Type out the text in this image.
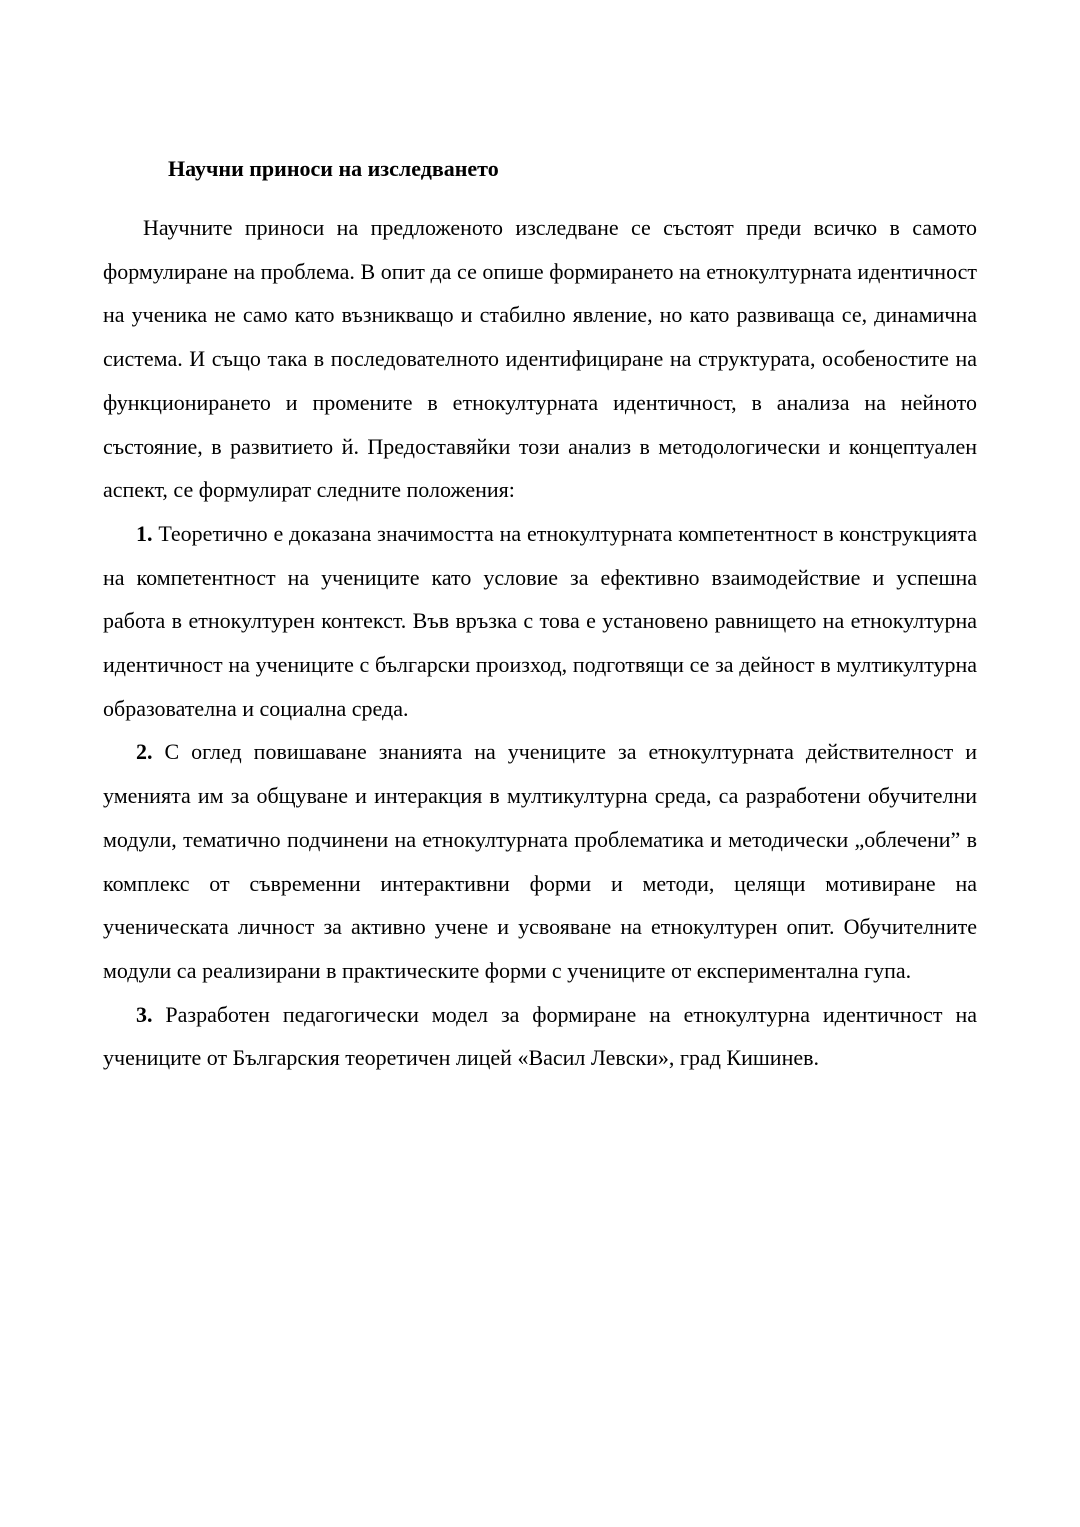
Научни приноси на изследването

Научните приноси на предложеното изследване се състоят преди всичко в самото формулиране на проблема. В опит да се опише формирането на етнокултурната идентичност на ученика не само като възникващо и стабилно явление, но като развиваща се, динамична система. И също така в последователното идентифициране на структурата, особеностите на функционирането и промените в етнокултурната идентичност, в анализа на нейното състояние, в развитието й. Предоставяйки този анализ в методологически и концептуален аспект, се формулират следните положения:

1. Теоретично е доказана значимостта на етнокултурната компетентност в конструкцията на компетентност на учениците като условие за ефективно взаимодействие и успешна работа в етнокултурен контекст. Във връзка с това е установено равнището на етнокултурна идентичност на учениците с български произход, подготвящи се за дейност в мултикултурна образователна и социална среда.

2. С оглед повишаване знанията на учениците за етнокултурната действителност и уменията им за общуване и интеракция в мултикултурна среда, са разработени обучителни модули, тематично подчинени на етнокултурната проблематика и методически „облечени” в комплекс от съвременни интерактивни форми и методи, целящи мотивиране на ученическата личност за активно учене и усвояване на етнокултурен опит. Обучителните модули са реализирани в практическите форми с учениците от експериментална гупа.

3. Разработен педагогически модел за формиране на етнокултурна идентичност на учениците от Българския теоретичен лицей «Васил Левски», град Кишинев.
